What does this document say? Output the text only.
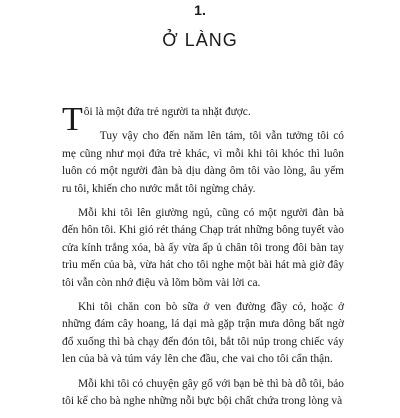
1.
Ở LÀNG

Tôi là một đứa trẻ người ta nhặt được.

Tuy vậy cho đến năm lên tám, tôi vẫn tưởng tôi có mẹ cũng như mọi đứa trẻ khác, vì mỗi khi tôi khóc thì luôn luôn có một người đàn bà dịu dàng ôm tôi vào lòng, âu yếm ru tôi, khiến cho nước mắt tôi ngừng chảy.

Mỗi khi tôi lên giường ngủ, cũng có một người đàn bà đến hôn tôi. Khi gió rét tháng Chạp trát những bông tuyết vào cửa kính trắng xóa, bà ấy vừa ấp ủ chân tôi trong đôi bàn tay trìu mến của bà, vừa hát cho tôi nghe một bài hát mà giờ đây tôi vẫn còn nhớ điệu và lõm bõm vài lời ca.

Khi tôi chăn con bò sữa ở ven đường đầy cỏ, hoặc ở những đám cây hoang, lá dại mà gặp trận mưa dông bất ngờ đổ xuống thì bà chạy đến đón tôi, bắt tôi núp trong chiếc váy len của bà và túm váy lên che đầu, che vai cho tôi cẩn thận.

Mỗi khi tôi có chuyện gây gổ với bạn bè thì bà dỗ tôi, bảo tôi kể cho bà nghe những nỗi bực bội chất chứa trong lòng và
